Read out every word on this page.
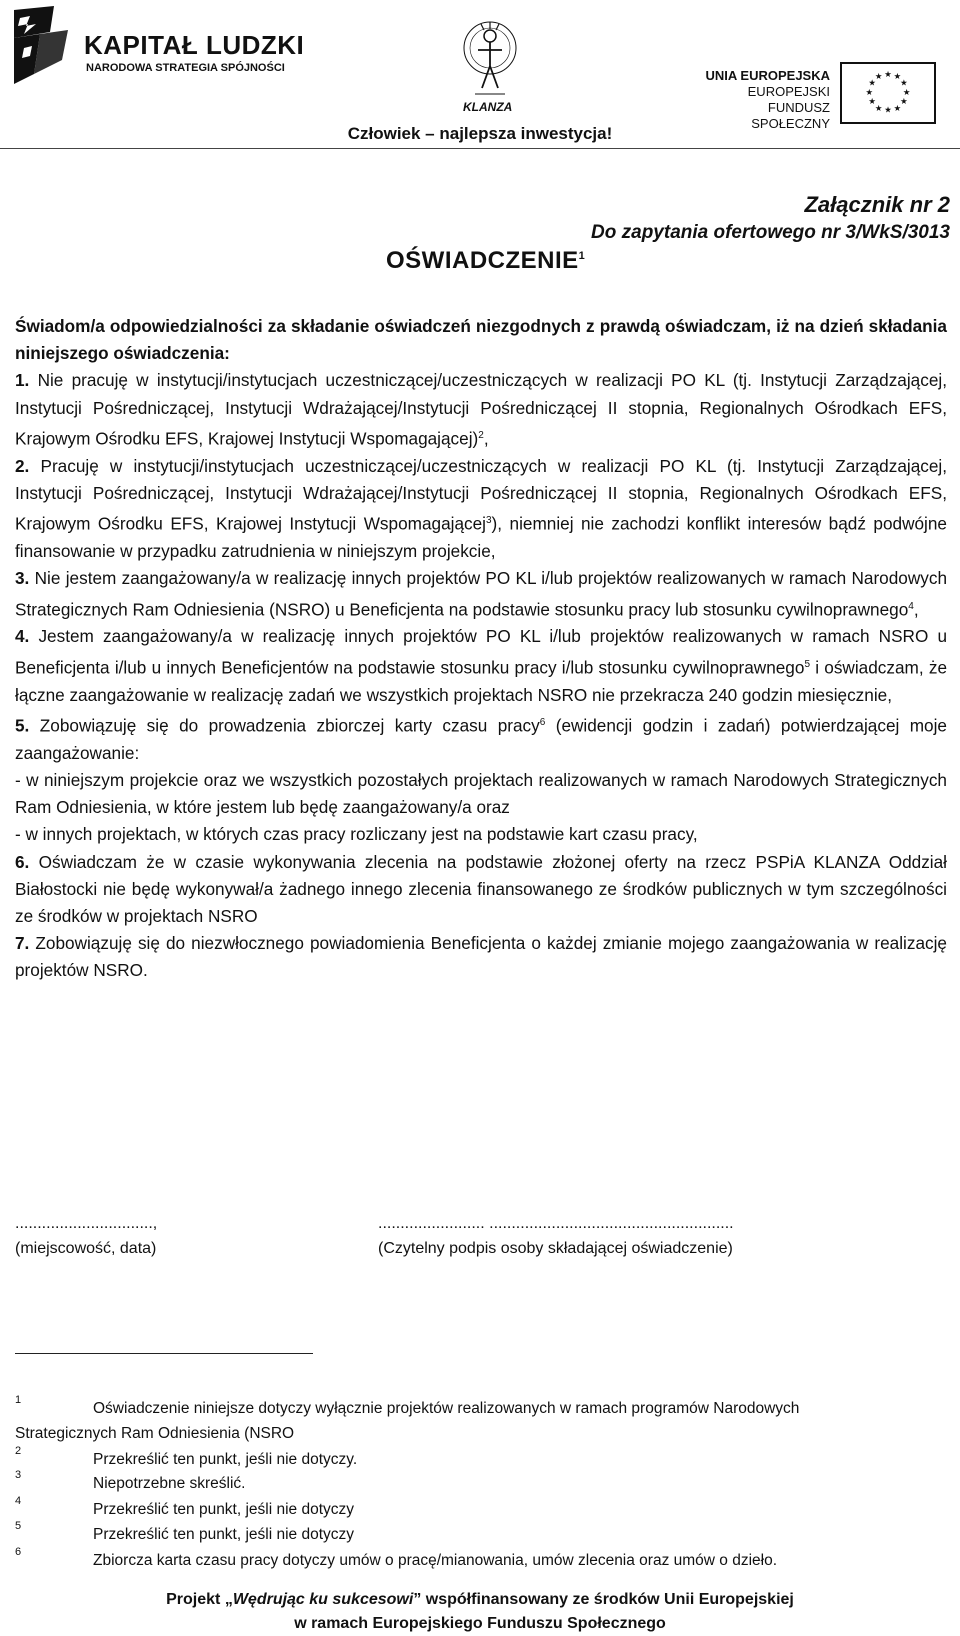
KAPITAŁ LUDZKI
NARODOWA STRATEGIA SPÓJNOŚCI
KLANZA
UNIA EUROPEJSKA
EUROPEJSKI
FUNDUSZ SPOŁECZNY
★ ★
★
★
★
★
★
★
★
★
★
★
Człowiek – najlepsza inwestycja!
Załącznik nr 2
Do zapytania ofertowego nr 3/WkS/3013
OŚWIADCZENIE$^1$

Świadom/a odpowiedzialności za składanie oświadczeń niezgodnych z prawdą oświadczam, iż na dzień składania niniejszego oświadczenia:

1. Nie pracuję w instytucji/instytucjach uczestniczącej/uczestniczących w realizacji PO KL (tj. Instytucji Zarządzającej, Instytucji Pośredniczącej, Instytucji Wdrażającej/Instytucji Pośredniczącej II stopnia, Regionalnych Ośrodkach EFS, Krajowym Ośrodku EFS, Krajowej Instytucji Wspomagającej)$^2$,

2. Pracuję w instytucji/instytucjach uczestniczącej/uczestniczących w realizacji PO KL (tj. Instytucji Zarządzającej, Instytucji Pośredniczącej, Instytucji Wdrażającej/Instytucji Pośredniczącej II stopnia, Regionalnych Ośrodkach EFS, Krajowym Ośrodku EFS, Krajowej Instytucji Wspomagającej$^3$), niemniej nie zachodzi konflikt interesów bądź podwójne finansowanie w przypadku zatrudnienia w niniejszym projekcie,

3. Nie jestem zaangażowany/a w realizację innych projektów PO KL i/lub projektów realizowanych w ramach Narodowych Strategicznych Ram Odniesienia (NSRO) u Beneficjenta na podstawie stosunku pracy lub stosunku cywilnoprawnego$^4$,

4. Jestem zaangażowany/a w realizację innych projektów PO KL i/lub projektów realizowanych w ramach NSRO u Beneficjenta i/lub u innych Beneficjentów na podstawie stosunku pracy i/lub stosunku cywilnoprawnego$^5$ i oświadczam, że łączne zaangażowanie w realizację zadań we wszystkich projektach NSRO nie przekracza 240 godzin miesięcznie,

5. Zobowiązuję się do prowadzenia zbiorczej karty czasu pracy$^6$ (ewidencji godzin i zadań) potwierdzającej moje zaangażowanie:

- w niniejszym projekcie oraz we wszystkich pozostałych projektach realizowanych w ramach Narodowych Strategicznych Ram Odniesienia, w które jestem lub będę zaangażowany/a oraz

- w innych projektach, w których czas pracy rozliczany jest na podstawie kart czasu pracy,

6. Oświadczam że w czasie wykonywania zlecenia na podstawie złożonej oferty na rzecz PSPiA KLANZA Oddział Białostocki nie będę wykonywał/a żadnego innego zlecenia finansowanego ze środków publicznych w tym szczególności ze środków w projektach NSRO

7. Zobowiązuję się do niezwłocznego powiadomienia Beneficjenta o każdej zmianie mojego zaangażowania w realizację projektów NSRO.

...............................,	........................ .......................................................
(miejscowość, data)	(Czytelny podpis osoby składającej oświadczenie)
1	Oświadczenie niniejsze dotyczy wyłącznie projektów realizowanych w ramach programów Narodowych
Strategicznych Ram Odniesienia (NSRO
2	Przekreślić ten punkt, jeśli nie dotyczy.
3	Niepotrzebne skreślić.
4	Przekreślić ten punkt, jeśli nie dotyczy
5	Przekreślić ten punkt, jeśli nie dotyczy
6	Zbiorcza karta czasu pracy dotyczy umów o pracę/mianowania, umów zlecenia oraz umów o dzieło.
Projekt „Wędrując ku sukcesowi” współfinansowany ze środków Unii Europejskiej
w ramach Europejskiego Funduszu Społecznego
